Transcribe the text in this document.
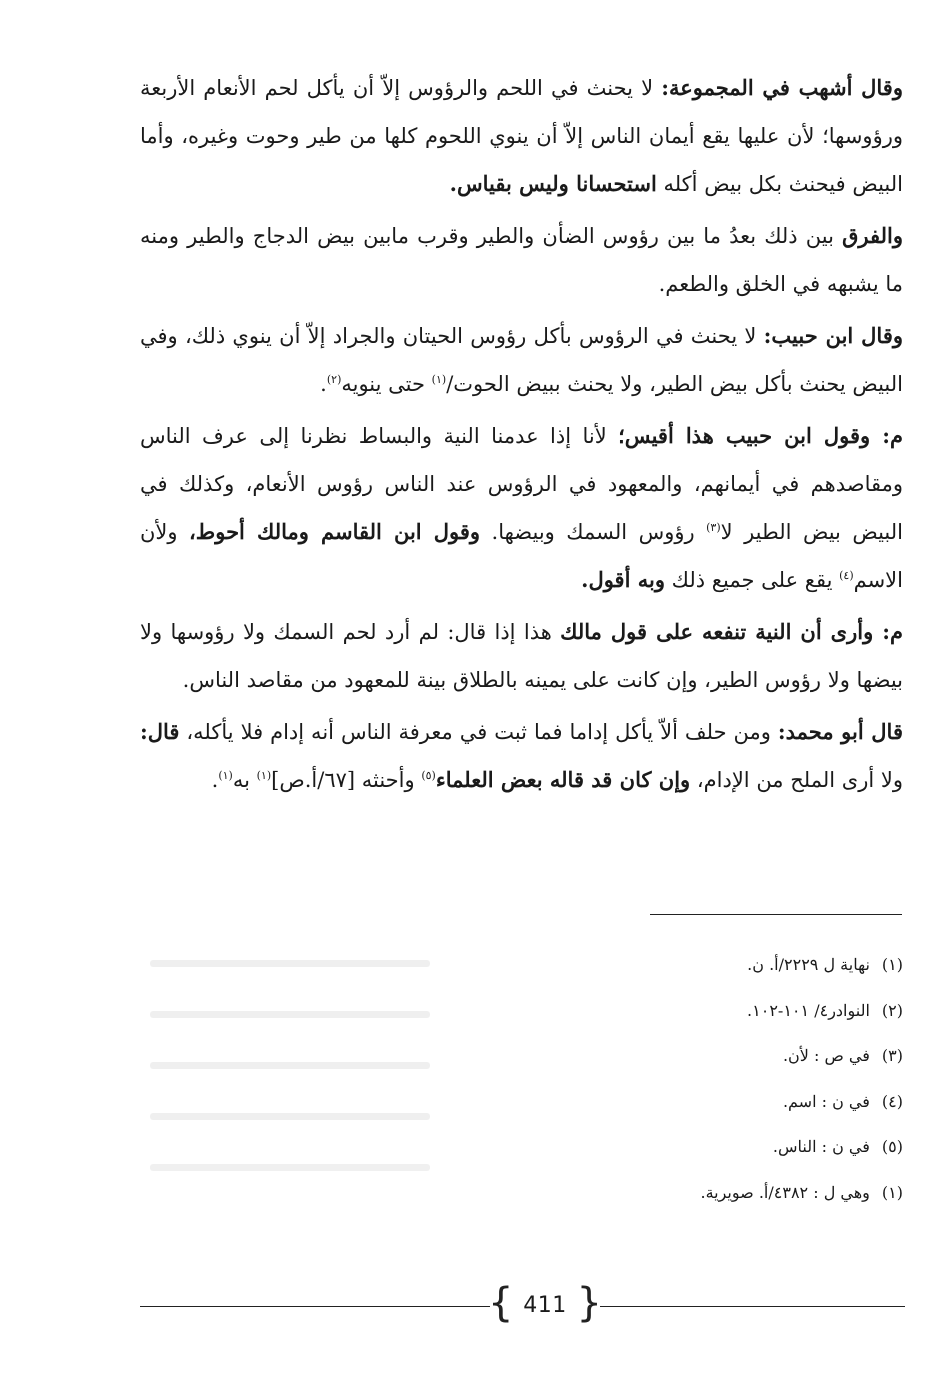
وقال أشهب في المجموعة: لا يحنث في اللحم والرؤوس إلاّ أن يأكل لحم الأنعام الأربعة ورؤوسها؛ لأن عليها يقع أيمان الناس إلاّ أن ينوي اللحوم كلها من طير وحوت وغيره، وأما البيض فيحنث بكل بيض أكله استحسانا وليس بقياس.

والفرق بين ذلك بعدُ ما بين رؤوس الضأن والطير وقرب مابين بيض الدجاج والطير ومنه ما يشبهه في الخلق والطعم.

وقال ابن حبيب: لا يحنث في الرؤوس بأكل رؤوس الحيتان والجراد إلاّ أن ينوي ذلك، وفي البيض يحنث بأكل بيض الطير، ولا يحنث ببيض الحوت/$^{(١)}$ حتى ينويه$^{(٢)}$.

م: وقول ابن حبيب هذا أقيس؛ لأنا إذا عدمنا النية والبساط نظرنا إلى عرف الناس ومقاصدهم في أيمانهم، والمعهود في الرؤوس عند الناس رؤوس الأنعام، وكذلك في البيض بيض الطير لا$^{(٣)}$ رؤوس السمك وبيضها. وقول ابن القاسم ومالك أحوط، ولأن الاسم$^{(٤)}$ يقع على جميع ذلك وبه أقول.

م: وأرى أن النية تنفعه على قول مالك هذا إذا قال: لم أرد لحم السمك ولا رؤوسها ولا بيضها ولا رؤوس الطير، وإن كانت على يمينه بالطلاق بينة للمعهود من مقاصد الناس.

قال أبو محمد: ومن حلف ألاّ يأكل إداما فما ثبت في معرفة الناس أنه إدام فلا يأكله، قال: ولا أرى الملح من الإدام، وإن كان قد قاله بعض العلماء$^{(٥)}$ وأحنثه [٦٧/أ.ص]$^{(١)}$ به$^{(١)}$.

(١)نهاية ل ٢٢٢٩/أ. ن.
(٢)النوادر٤/ ١٠١-١٠٢.
(٣)في ص : لأن.
(٤)في ن : اسم.
(٥)في ن : الناس.
(١)وهي ل : ٤٣٨٢/أ. صويرية.
{ 411 }
